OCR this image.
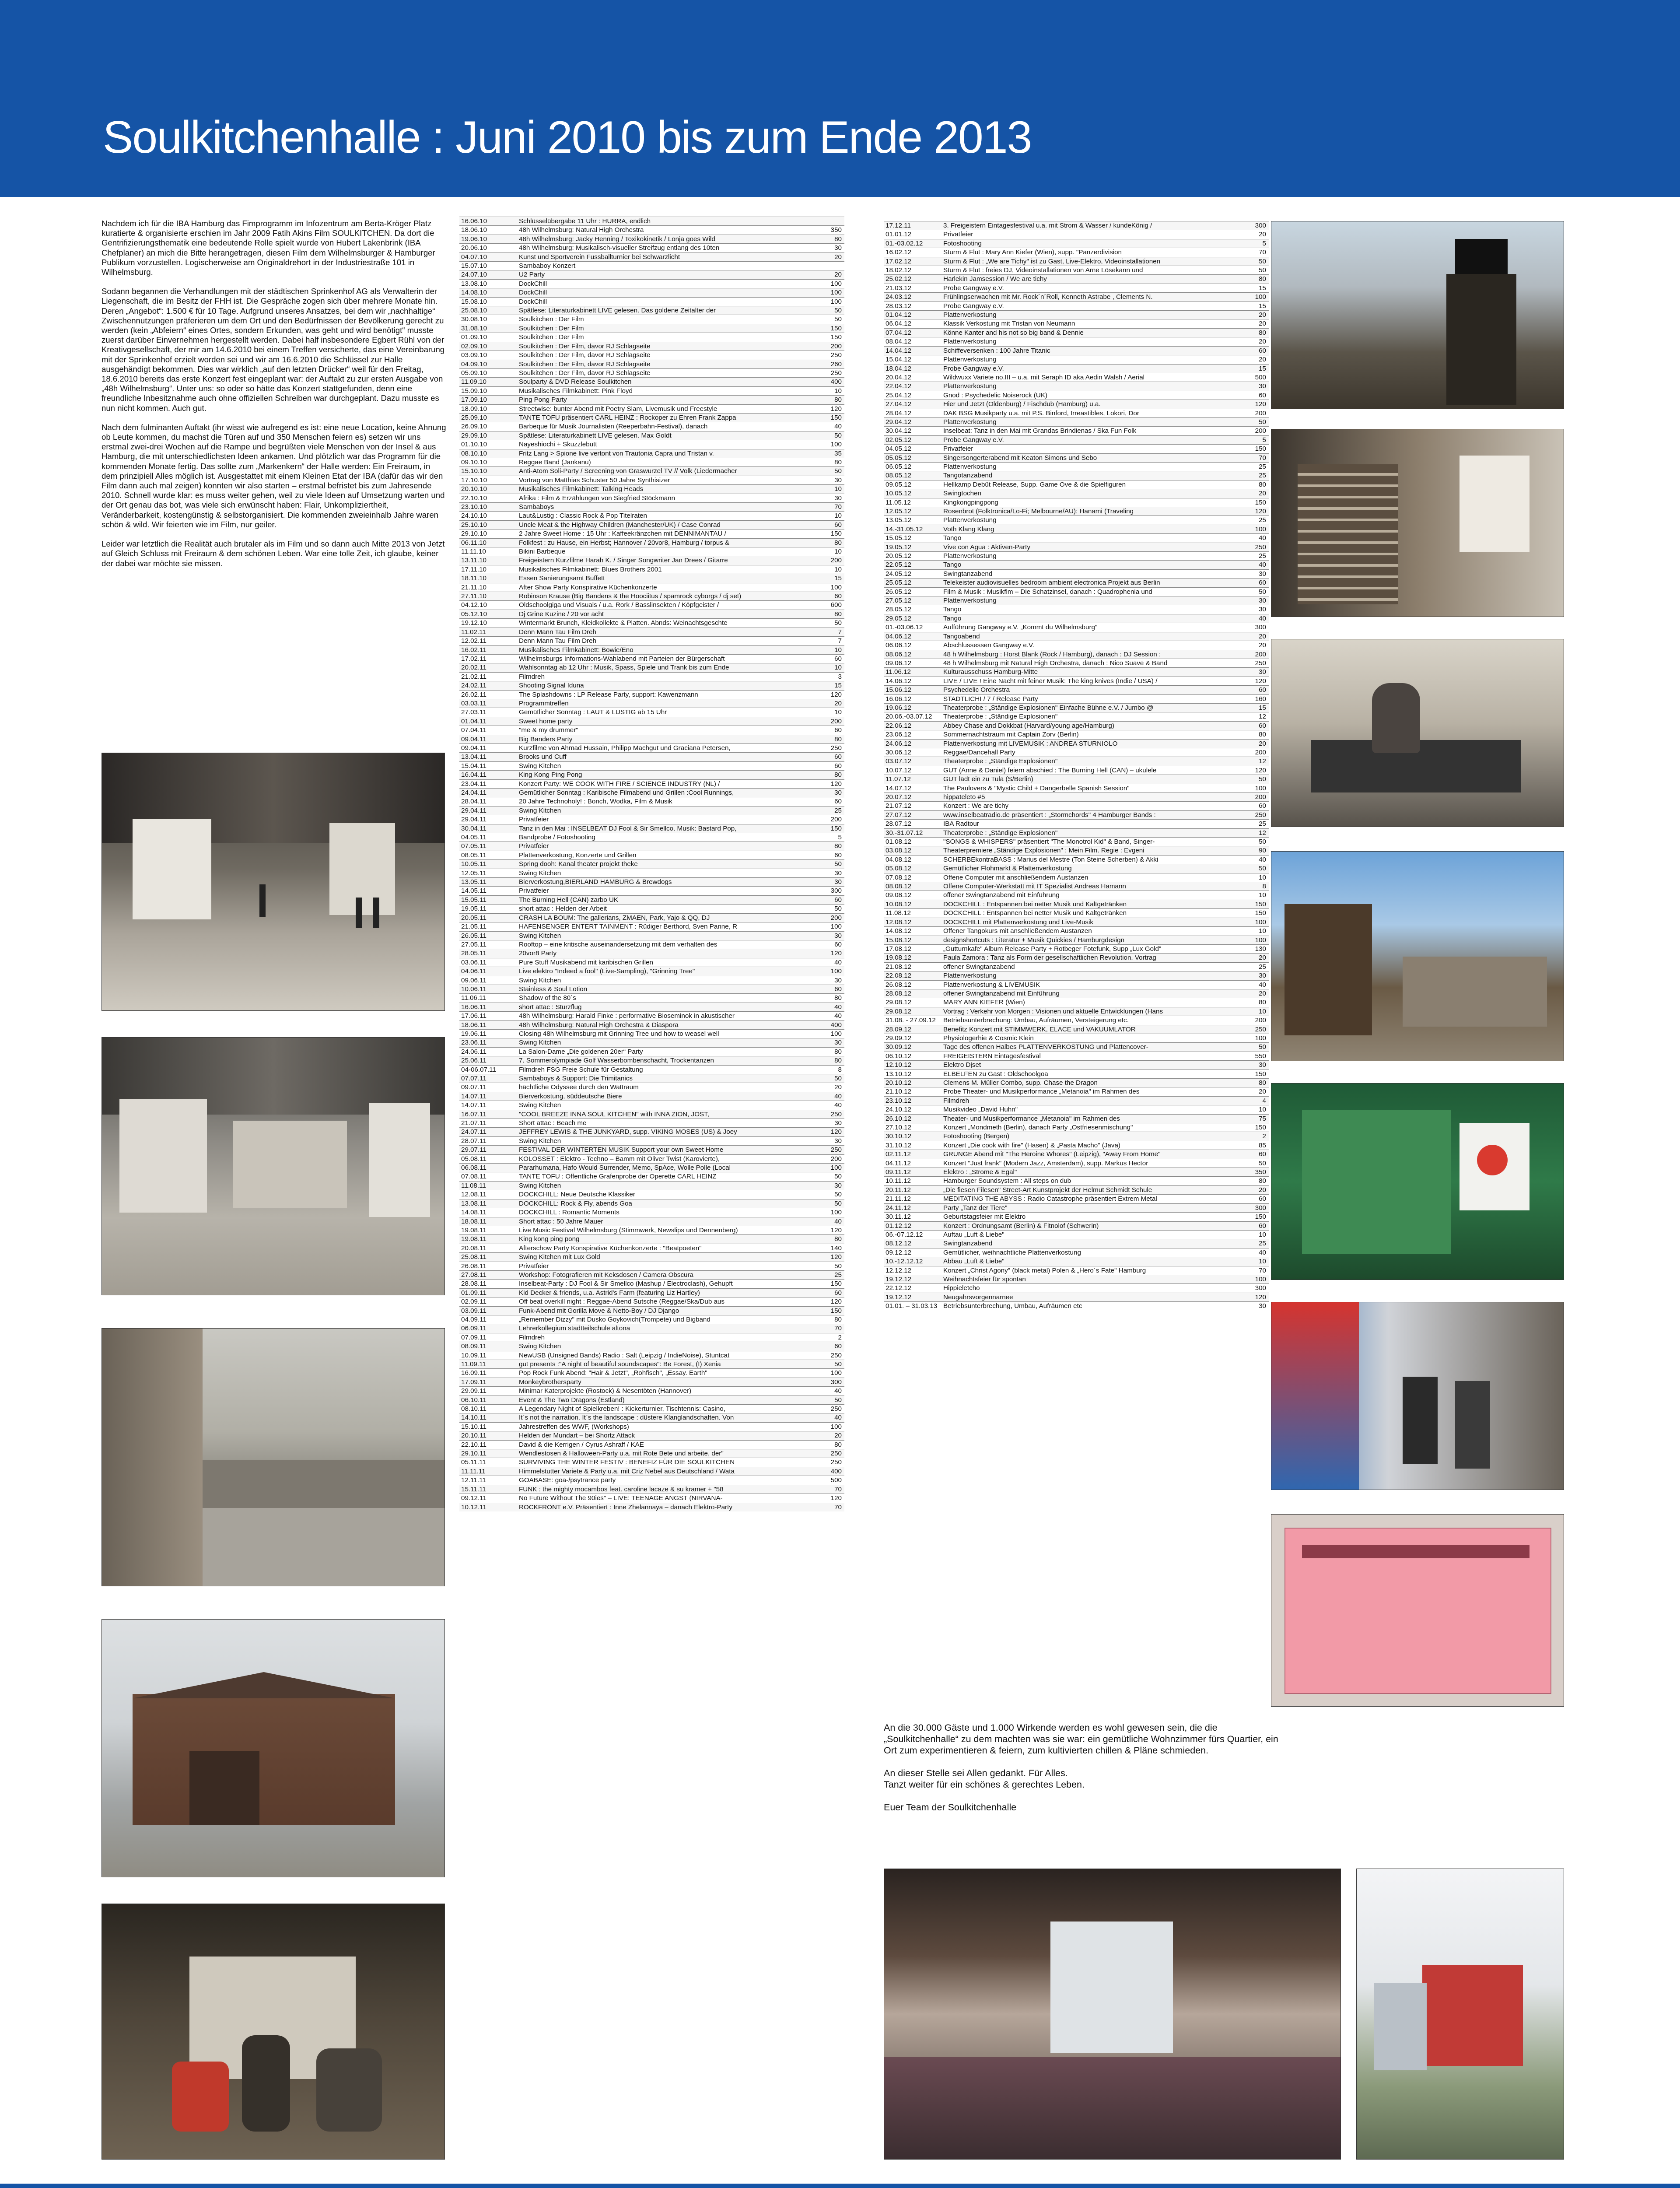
Soulkitchenhalle : Juni 2010 bis zum Ende 2013

Nachdem ich für die IBA Hamburg das Fimprogramm im Infozentrum am Berta-Kröger Platz kuratierte & organisierte erschien im Jahr 2009 Fatih Akins Film SOULKITCHEN. Da dort die Gentrifizierungsthematik eine bedeutende Rolle spielt wurde von Hubert Lakenbrink (IBA Chefplaner) an mich die Bitte herangetragen, diesen Film dem Wilhelmsburger & Hamburger Publikum vorzustellen. Logischerweise am Originaldrehort in der Industriestraße 101 in Wilhelmsburg.

Sodann begannen die Verhandlungen mit der städtischen Sprinkenhof AG als Verwalterin der Liegenschaft, die im Besitz der FHH ist. Die Gespräche zogen sich über mehrere Monate hin. Deren „Angebot“: 1.500 € für 10 Tage. Aufgrund unseres Ansatzes, bei dem wir „nachhaltige“ Zwischennutzungen präferieren um dem Ort und den Bedürfnissen der Bevölkerung gerecht zu werden (kein „Abfeiern“ eines Ortes, sondern Erkunden, was geht und wird benötigt“ musste zuerst darüber Einvernehmen hergestellt werden. Dabei half insbesondere Egbert Rühl von der Kreativgesellschaft, der mir am 14.6.2010 bei einem Treffen versicherte, das eine Vereinbarung mit der Sprinkenhof erzielt worden sei und wir am 16.6.2010 die Schlüssel zur Halle ausgehändigt bekommen. Dies war wirklich „auf den letzten Drücker“ weil für den Freitag, 18.6.2010 bereits das erste Konzert fest eingeplant war: der Auftakt zu zur ersten Ausgabe von „48h Wilhelmsburg“. Unter uns: so oder so hätte das Konzert stattgefunden, denn eine freundliche Inbesitznahme auch ohne offiziellen Schreiben war durchgeplant. Dazu musste es nun nicht kommen. Auch gut.

Nach dem fulminanten Auftakt (ihr wisst wie aufregend es ist: eine neue Location, keine Ahnung ob Leute kommen, du machst die Türen auf und 350 Menschen feiern es) setzen wir uns erstmal zwei-drei Wochen auf die Rampe und begrüßten viele Menschen von der Insel & aus Hamburg, die mit unterschiedlichsten Ideen ankamen. Und plötzlich war das Programm für die kommenden Monate fertig. Das sollte zum „Markenkern“ der Halle werden: Ein Freiraum, in dem prinzipiell Alles möglich ist. Ausgestattet mit einem Kleinen Etat der IBA (dafür das wir den Film dann auch mal zeigen) konnten wir also starten – erstmal befristet bis zum Jahresende 2010. Schnell wurde klar: es muss weiter gehen, weil zu viele Ideen auf Umsetzung warten und der Ort genau das bot, was viele sich erwünscht haben: Flair, Unkompliziertheit, Veränderbarkeit, kostengünstig & selbstorganisiert. Die kommenden zweieinhalb Jahre waren schön & wild. Wir feierten wie im Film, nur geiler.

Leider war letztlich die Realität auch brutaler als im Film und so dann auch Mitte 2013 von Jetzt auf Gleich Schluss mit Freiraum & dem schönen Leben. War eine tolle Zeit, ich glaube, keiner der dabei war möchte sie missen.

16.06.10	Schlüsselübergabe 11 Uhr : HURRA, endlich
18.06.10	48h Wilhelmsburg: Natural High Orchestra	350
19.06.10	48h Wilhelmsburg: Jacky Henning / Toxikokinetik / Lonja goes Wild	80
20.06.10	48h Wilhelmsburg: Musikalisch-visueller Streifzug entlang des 10ten	30
04.07.10	Kunst und Sportverein Fussballturnier bei Schwarzlicht	20
15.07.10	Sambaboy Konzert
24.07.10	U2 Party	20
13.08.10	DockChill	100
14.08.10	DockChill	100
15.08.10	DockChill	100
25.08.10	Spätlese: Literaturkabinett LIVE gelesen. Das goldene Zeitalter der	50
30.08.10	Soulkitchen : Der Film	50
31.08.10	Soulkitchen : Der Film	150
01.09.10	Soulkitchen : Der Film	150
02.09.10	Soulkitchen : Der Film, davor RJ Schlagseite	200
03.09.10	Soulkitchen : Der Film, davor RJ Schlagseite	250
04.09.10	Soulkitchen : Der Film, davor RJ Schlagseite	260
05.09.10	Soulkitchen : Der Film, davor RJ Schlagseite	250
11.09.10	Soulparty & DVD Release Soulkitchen	400
15.09.10	Musikalisches Filmkabinett: Pink Floyd	10
17.09.10	Ping Pong Party	80
18.09.10	Streetwise: bunter Abend mit Poetry Slam, Livemusik und Freestyle	120
25.09.10	TANTE TOFU präsentiert CARL HEINZ : Rockoper zu Ehren Frank Zappa	150
26.09.10	Barbeque für Musik Journalisten (Reeperbahn-Festival), danach	40
29.09.10	Spätlese: Literaturkabinett LIVE gelesen. Max Goldt	50
01.10.10	Nayeshiochi + Skuzzlebutt	100
08.10.10	Fritz Lang > Spione live vertont von Trautonia Capra und Tristan v.	35
09.10.10	Reggae Band (Jankanu)	80
15.10.10	Anti-Atom Soli-Party / Screening von Graswurzel TV // Volk (Liedermacher	50
17.10.10	Vortrag von Matthias Schuster 50 Jahre Synthisizer	30
20.10.10	Musikalisches Filmkabinett: Talking Heads	10
22.10.10	Afrika : Film & Erzählungen von Siegfried Stöckmann	30
23.10.10	Sambaboys	70
24.10.10	Laut&Lustig : Classic Rock & Pop Titelraten	10
25.10.10	Uncle Meat & the Highway Children (Manchester/UK) / Case Conrad	60
29.10.10	2 Jahre Sweet Home : 15 Uhr : Kaffeekränzchen mit DENNIMANTAU /	150
06.11.10	Folkfest : zu Hause, ein Herbst; Hannover / 20vor8, Hamburg / torpus &	80
11.11.10	Bikini Barbeque	10
13.11.10	Freigeistern Kurzfilme Harah K. / Singer Songwriter Jan Drees / Gitarre	200
17.11.10	Musikalisches Filmkabinett: Blues Brothers 2001	10
18.11.10	Essen Sanierungsamt Buffett	15
21.11.10	After Show Party Konspirative Küchenkonzerte	100
27.11.10	Robinson Krause (Big Bandens & the Hoociitus / spamrock cyborgs / dj set)	60
04.12.10	Oldschoolgiga und Visuals / u.a. Rork / Basslinsekten / Köpfgeister /	600
05.12.10	Dj Grine Kuzine / 20 vor acht	80
19.12.10	Wintermarkt Brunch, Kleidkollekte & Platten. Abnds: Weinachtsgeschte	50
11.02.11	Denn Mann Tau Film Dreh	7
12.02.11	Denn Mann Tau Film Dreh	7
16.02.11	Musikalisches Filmkabinett: Bowie/Eno	10
17.02.11	Wilhelmsburgs Informations-Wahlabend mit Parteien der Bürgerschaft	60
20.02.11	Wahlsonntag ab 12 Uhr : Musik, Spass, Spiele und Trank bis zum Ende	10
21.02.11	Filmdreh	3
24.02.11	Shooting Signal Iduna	15
26.02.11	The Splashdowns : LP Release Party, support: Kawenzmann	120
03.03.11	Programmtreffen	20
27.03.11	Gemütlicher Sonntag : LAUT & LUSTIG ab 15 Uhr	10
01.04.11	Sweet home party	200
07.04.11	"me & my drummer"	60
09.04.11	Big Banders Party	80
09.04.11	Kurzfilme von Ahmad Hussain, Philipp Machgut und Graciana Petersen,	250
13.04.11	Brooks und Cuff	60
15.04.11	Swing Kitchen	60
16.04.11	King Kong Ping Pong	80
23.04.11	Konzert Party: WE COOK WITH FIRE / SCIENCE INDUSTRY (NL) /	120
24.04.11	Gemütlicher Sonntag : Karibische Filmabend und Grillen :Cool Runnings,	30
28.04.11	20 Jahre Technoholy! : Bonch, Wodka, Film & Musik	60
29.04.11	Swing Kitchen	25
29.04.11	Privatfeier	200
30.04.11	Tanz in den Mai : INSELBEAT DJ Fool & Sir Smellco. Musik: Bastard Pop,	150
04.05.11	Bandprobe / Fotoshooting	5
07.05.11	Privatfeier	80
08.05.11	Plattenverkostung, Konzerte und Grillen	60
10.05.11	Spring dooh: Kanal theater projekt theke	50
12.05.11	Swing Kitchen	30
13.05.11	Bierverkostung,BIERLAND HAMBURG & Brewdogs	30
14.05.11	Privatfeier	300
15.05.11	The Burning Hell (CAN) zarbo UK	60
19.05.11	short attac : Helden der Arbeit	50
20.05.11	CRASH LA BOUM: The gallerians, ZMAEN, Park, Yajo & QQ, DJ	200
21.05.11	HAFENSENGER ENTERT TAINMENT : Rüdiger Berthord, Sven Panne, R	100
26.05.11	Swing Kitchen	30
27.05.11	Rooftop – eine kritische auseinandersetzung mit dem verhalten des	60
28.05.11	20vor8 Party	120
03.06.11	Pure Stuff Musikabend mit karibischen Grillen	40
04.06.11	Live elektro "Indeed a fool" (Live-Sampling), "Grinning Tree"	100
09.06.11	Swing Kitchen	30
10.06.11	Stainless & Soul Lotion	60
11.06.11	Shadow of the 80´s	80
16.06.11	short attac : Sturzflug	40
17.06.11	48h Wilhelmsburg: Harald Finke : performative Bioseminok in akustischer	40
18.06.11	48h Wilhelmsburg: Natural High Orchestra & Diaspora	400
19.06.11	Closing 48h Wilhelmsburg mit Grinning Tree und how to weasel well	100
23.06.11	Swing Kitchen	30
24.06.11	La Salon-Dame „Die goldenen 20er“ Party	80
25.06.11	7. Sommerolympiade Golf Wasserbombenschacht, Trockentanzen	80
04-06.07.11	Filmdreh FSG Freie Schule für Gestaltung	8
07.07.11	Sambaboys & Support: Die Trimitanics	50
09.07.11	hächtliche Odyssee durch den Wattraum	20
14.07.11	Bierverkostung, süddeutsche Biere	40
14.07.11	Swing Kitchen	40
16.07.11	"COOL BREEZE INNA SOUL KITCHEN" with INNA ZION, JOST,	250
21.07.11	Short attac : Beach me	30
24.07.11	JEFFREY LEWIS & THE JUNKYARD, supp. VIKING MOSES (US) & Joey	120
28.07.11	Swing Kitchen	30
29.07.11	FESTIVAL DER WINTERTEN MUSIK Support your own Sweet Home	250
05.08.11	KOLOSSET : Elektro - Techno – Bamm mit Oliver Twist (Karovierte),	200
06.08.11	Pararhumana, Hafo Would Surrender, Memo, SpAce, Wolle Polle (Local	100
07.08.11	TANTE TOFU : Offentliche Grafenprobe der Operette CARL HEINZ	50
11.08.11	Swing Kitchen	30
12.08.11	DOCKCHILL: Neue Deutsche Klassiker	50
13.08.11	DOCKCHILL: Rock & Fly, abends Goa	50
14.08.11	DOCKCHILL : Romantic Moments	100
18.08.11	Short attac : 50 Jahre Mauer	40
19.08.11	Live Music Festival Wilhelmsburg (Stimmwerk, Newslips und Dennenberg)	120
19.08.11	King kong ping pong	80
20.08.11	Afterschow Party Konspirative Küchenkonzerte : "Beatpoeten"	140
25.08.11	Swing Kitchen mit Lux Gold	120
26.08.11	Privatfeier	50
27.08.11	Workshop: Fotografieren mit Keksdosen / Camera Obscura	25
28.08.11	Inselbeat-Party : DJ Fool & Sir Smellco (Mashup / Electroclash), Gehupft	150
01.09.11	Kid Decker & friends, u.a. Astrid's Farm (featuring Liz Hartley)	60
02.09.11	Off beat overkill night : Reggae-Abend Sutsche (Reggae/Ska/Dub aus	120
03.09.11	Funk-Abend mit Gorilla Move & Netto-Boy / DJ Django	150
04.09.11	„Remember Dizzy" mit Dusko Goykovich(Trompete) und Bigband	80
06.09.11	Lehrerkollegium stadtteilschule altona	70
07.09.11	Filmdreh	2
08.09.11	Swing Kitchen	60
10.09.11	NewUSB (Unsigned Bands) Radio : Salt (Leipzig / IndieNoise), Stuntcat	250
11.09.11	gut presents :"A night of beautiful soundscapes": Be Forest, (I) Xenia	50
16.09.11	Pop Rock Funk Abend: "Hair & Jetzt", „Rohfisch", „Essay. Earth"	100
17.09.11	Monkeybrothersparty	300
29.09.11	Minimar Katerprojekte (Rostock) & Nesentöten (Hannover)	40
06.10.11	Event & The Two Dragons (Estland)	50
08.10.11	A Legendary Night of Spielkreben! : Kickerturnier, Tischtennis: Casino,	250
14.10.11	It`s not the narration. It`s the landscape : düstere Klanglandschaften. Von	40
15.10.11	Jahrestreffen des WWF, (Workshops)	100
20.10.11	Helden der Mundart – bei Shortz Attack	20
22.10.11	David & die Kerrigen / Cyrus Ashraff / KAE	80
29.10.11	Wendlestosen & Halloween-Party u.a. mit Rote Bete und arbeite, der"	250
05.11.11	SURVIVING THE WINTER FESTIV : BENEFIZ FÜR DIE SOULKITCHEN	250
11.11.11	Himmelstutter Variete & Party u.a. mit Criz Nebel aus Deutschland / Wata	400
12.11.11	GOABASE: goa-/psytrance party	500
15.11.11	FUNK : the mighty mocambos feat. caroline lacaze & su kramer + "58	70
09.12.11	No Future Without The 90ies" – LIVE: TEENAGE ANGST (NIRVANA-	120
10.12.11	ROCKFRONT e.V. Präsentiert : Inne Zhelannaya – danach Elektro-Party	70
17.12.11	3. Freigeistern Eintagesfestival u.a. mit Strom & Wasser / kundeKönig /	300
01.01.12	Privatfeier	20
01.-03.02.12	Fotoshooting	5
16.02.12	Sturm & Flut : Mary Ann Kiefer (Wien), supp. "Panzerdivision	70
17.02.12	Sturm & Flut : „We are Tichy" ist zu Gast, Live-Elektro, Videoinstallationen	50
18.02.12	Sturm & Flut : freies DJ, Videoinstallationen von Arne Lösekann und	50
25.02.12	Harlekin Jamsession / We are tichy	80
21.03.12	Probe Gangway e.V.	15
24.03.12	Frühlingserwachen mit Mr. Rock´n´Roll, Kenneth Astrabe , Clements N.	100
28.03.12	Probe Gangway e.V.	15
01.04.12	Plattenverkostung	20
06.04.12	Klassik Verkostung mit Tristan von Neumann	20
07.04.12	Könne Kanter and his not so big band & Dennie	80
08.04.12	Plattenverkostung	20
14.04.12	Schiffeversenken : 100 Jahre Titanic	60
15.04.12	Plattenverkostung	20
18.04.12	Probe Gangway e.V.	15
20.04.12	Wildwuxx Variete no.III – u.a. mit Seraph ID aka Aedin Walsh / Aerial	500
22.04.12	Plattenverkostung	30
25.04.12	Gnod : Psychedelic Noiserock (UK)	60
27.04.12	Hier und Jetzt (Oldenburg) / Fischdub (Hamburg) u.a.	120
28.04.12	DAK BSG Musikparty u.a. mit P.S. Binford, Irreastibles, Lokori, Dor	200
29.04.12	Plattenverkostung	50
30.04.12	Inselbeat: Tanz in den Mai mit Grandas Brindienas / Ska Fun Folk	200
02.05.12	Probe Gangway e.V.	5
04.05.12	Privatfeier	150
05.05.12	Singersongerterabend mit Keaton Simons und Sebo	70
06.05.12	Plattenverkostung	25
08.05.12	Tangotanzabend	25
09.05.12	Hellkamp Debüt Release, Supp. Game Ove & die Spielfiguren	80
10.05.12	Swingtochen	20
11.05.12	Kingkongpingpong	150
12.05.12	Rosenbrot (Folktronica/Lo-Fi; Melbourne/AU): Hanami (Traveling	120
13.05.12	Plattenverkostung	25
14.-31.05.12	Voth Klang Klang	100
15.05.12	Tango	40
19.05.12	Vive con Agua : Aktiven-Party	250
20.05.12	Plattenverkostung	25
22.05.12	Tango	40
24.05.12	Swingtanzabend	30
25.05.12	Telekeister audiovisuelles bedroom ambient electronica Projekt aus Berlin	60
26.05.12	Film & Musik : Musikflm – Die Schatzinsel, danach : Quadrophenia und	50
27.05.12	Plattenverkostung	30
28.05.12	Tango	30
29.05.12	Tango	40
01.-03.06.12	Aufführung Gangway e.V. „Kommt du Wilhelmsburg"	300
04.06.12	Tangoabend	20
06.06.12	Abschlussessen Gangway e.V.	20
08.06.12	48 h Wilhelmsburg : Horst Blank (Rock / Hamburg), danach : DJ Session :	200
09.06.12	48 h Wilhelmsburg mit Natural High Orchestra, danach : Nico Suave & Band	250
11.06.12	Kulturausschuss Hamburg-Mitte	30
14.06.12	LIVE / LIVE ! Eine Nacht mit feiner Musik: The king knives (Indie / USA) /	120
15.06.12	Psychedelic Orchestra	60
16.06.12	STADTLICHI / 7 / Release Party	160
19.06.12	Theaterprobe : „Ständige Explosionen" Einfache Bühne e.V. / Jumbo @	15
20.06.-03.07.12	Theaterprobe : „Ständige Explosionen"	12
22.06.12	Abbey Chase and Dokkbat (Harvard/young age/Hamburg)	60
23.06.12	Sommernachtstraum mit Captain Zorv (Berlin)	80
24.06.12	Plattenverkostung mit LIVEMUSIK : ANDREA STURNIOLO	20
30.06.12	Reggae/Dancehall Party	200
03.07.12	Theaterprobe : „Ständige Explosionen"	12
10.07.12	GUT (Anne & Daniel) feiern abschied : The Burning Hell (CAN) – ukulele	120
11.07.12	GUT lädt ein zu Tula (S/Berlin)	50
14.07.12	The Paulovers & "Mystic Child + Dangerbelle Spanish Session"	100
20.07.12	hippateleto #5	200
21.07.12	Konzert : We are tichy	60
27.07.12	www.inselbeatradio.de präsentiert : „Stormchords" 4 Hamburger Bands :	250
28.07.12	IBA Radtour	25
30.-31.07.12	Theaterprobe : „Ständige Explosionen"	12
01.08.12	"SONGS & WHISPERS" präsentiert "The Monotrol Kid" & Band, Singer-	50
03.08.12	Theaterpremiere „Ständige Explosionen" : Mein Film. Regie : Evgeni	90
04.08.12	SCHERBEkontraBASS : Marius del Mestre (Ton Steine Scherben) & Akki	40
05.08.12	Gemütlicher Flohmarkt & Plattenverkostung	50
07.08.12	Offene Computer mit anschließendem Austanzen	10
08.08.12	Offene Computer-Werkstatt mit IT Spezialist Andreas Hamann	8
09.08.12	offener Swingtanzabend mit Einführung	10
10.08.12	DOCKCHILL : Entspannen bei netter Musik und Kaltgetränken	150
11.08.12	DOCKCHILL : Entspannen bei netter Musik und Kaltgetränken	150
12.08.12	DOCKCHILL mit Plattenverkostung und Live-Musik	100
14.08.12	Offener Tangokurs mit anschließendem Austanzen	10
15.08.12	designshortcuts : Literatur + Musik Quickies / Hamburgdesign	100
17.08.12	„Gutturnkafe" Album Release Party + Rotbeger Fotefunk, Supp „Lux Gold"	130
19.08.12	Paula Zamora : Tanz als Form der gesellschaftlichen Revolution. Vortrag	20
21.08.12	offener Swingtanzabend	25
22.08.12	Plattenverkostung	30
26.08.12	Plattenverkostung & LIVEMUSIK	40
28.08.12	offener Swingtanzabend mit Einführung	20
29.08.12	MARY ANN KIEFER (Wien)	80
29.08.12	Vortrag : Verkehr von Morgen : Visionen und aktuelle Entwicklungen (Hans	10
31.08. - 27.09.12	Betriebsunterbrechung: Umbau, Aufräumen, Versteigerung etc.	200
28.09.12	Benefitz Konzert mit STIMMWERK, ELACE und VAKUUMLATOR	250
29.09.12	Physiologerhie & Cosmic Klein	100
30.09.12	Tage des offenen Halbes PLATTENVERKOSTUNG und Plattencover-	50
06.10.12	FREIGEISTERN Eintagesfestival	550
12.10.12	Elektro Djset	30
13.10.12	ELBELFEN zu Gast : Oldschoolgoa	150
20.10.12	Clemens M. Müller Combo, supp. Chase the Dragon	80
21.10.12	Probe Theater- und Musikperformance „Metanoia" im Rahmen des	20
23.10.12	Filmdreh	4
24.10.12	Musikvideo „David Huhn"	10
26.10.12	Theater- und Musikperformance „Metanoia" im Rahmen des	75
27.10.12	Konzert „Mondmeth (Berlin), danach Party „Ostfriesenmischung"	150
30.10.12	Fotoshooting (Bergen)	2
31.10.12	Konzert „Die cook with fire" (Hasen) & „Pasta Macho" (Java)	85
02.11.12	GRUNGE Abend mit "The Heroine Whores" (Leipzig), "Away From Home"	60
04.11.12	Konzert "Just frank" (Modern Jazz, Amsterdam), supp. Markus Hector	50
09.11.12	Elektro : „Strome & Egal"	350
10.11.12	Hamburger Soundsystem : All steps on dub	80
20.11.12	„Die fiesen Filesen" Street-Art Kunstprojekt der Helmut Schmidt Schule	20
21.11.12	MEDITATING THE ABYSS : Radio Catastrophe präsentiert Extrem Metal	60
24.11.12	Party „Tanz der Tiere"	300
30.11.12	Geburtstagsfeier mit Elektro	150
01.12.12	Konzert : Ordnungsamt (Berlin) & Fitnolof (Schwerin)	60
06.-07.12.12	Auftau „Luft & Liebe"	10
08.12.12	Swingtanzabend	25
09.12.12	Gemütlicher, weihnachtliche Plattenverkostung	40
10.-12.12.12	Abbau „Luft & Liebe"	10
12.12.12	Konzert „Christ Agony" (black metal) Polen & „Hero´s Fate" Hamburg	70
19.12.12	Weihnachtsfeier für spontan	100
22.12.12	Hippieletcho	300
19.12.12	Neugahrsvorgennarnee	120
01.01. – 31.03.13 Betriebsunterbrechung, Umbau, Aufräumen etc	30

An die 30.000 Gäste und 1.000 Wirkende werden es wohl gewesen sein, die die „Soulkitchenhalle“ zu dem machten was sie war: ein gemütliche Wohnzimmer fürs Quartier, ein Ort zum experimentieren & feiern, zum kultivierten chillen & Pläne schmieden.

An dieser Stelle sei Allen gedankt. Für Alles.
Tanzt weiter für ein schönes & gerechtes Leben.

Euer Team der Soulkitchenhalle
